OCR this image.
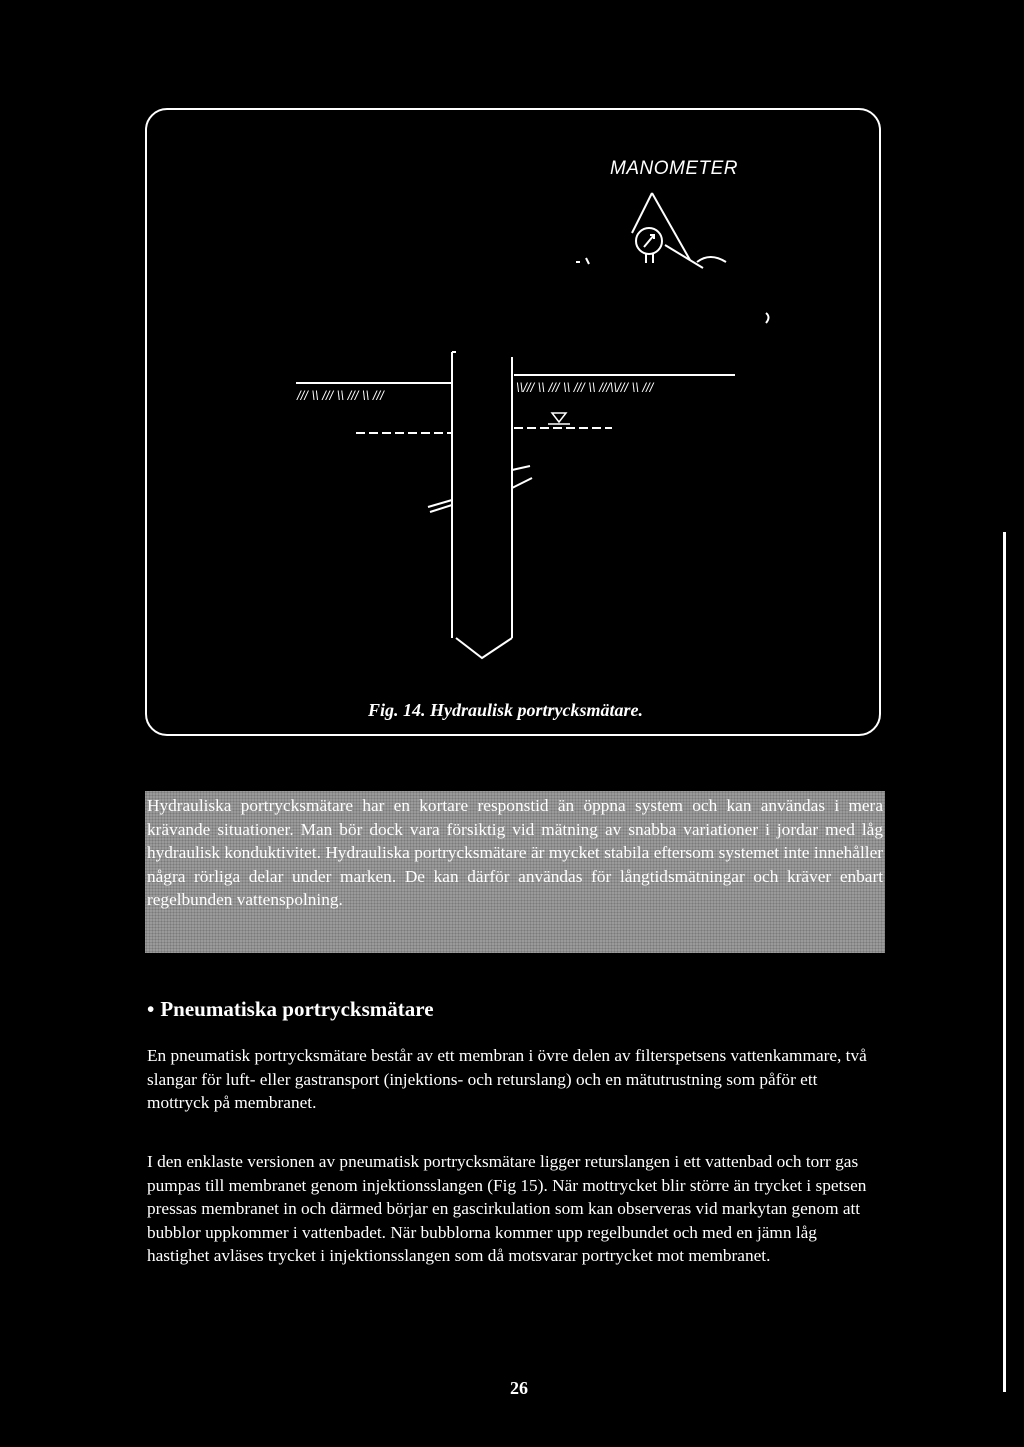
/// \\ /// \\ /// \\ ///
\\/// \\ /// \\ /// \\ ///\\/// \\ ///
MANOMETER
Fig. 14. Hydraulisk portrycksmätare.

Hydrauliska portrycksmätare har en kortare responstid än öppna system och kan användas i mera krävande situationer. Man bör dock vara försiktig vid mätning av snabba variationer i jordar med låg hydraulisk konduktivitet. Hydrauliska portrycksmätare är mycket stabila eftersom systemet inte innehåller några rörliga delar under marken. De kan därför användas för långtidsmätningar och kräver enbart regelbunden vattenspolning.

• Pneumatiska portrycksmätare

En pneumatisk portrycksmätare består av ett membran i övre delen av filterspetsens vattenkammare, två slangar för luft- eller gastransport (injektions- och returslang) och en mätutrustning som påför ett mottryck på membranet.

I den enklaste versionen av pneumatisk portrycksmätare ligger returslangen i ett vattenbad och torr gas pumpas till membranet genom injektionsslangen (Fig 15). När mottrycket blir större än trycket i spetsen pressas membranet in och därmed börjar en gascirkulation som kan observeras vid markytan genom att bubblor uppkommer i vattenbadet. När bubblorna kommer upp regelbundet och med en jämn låg hastighet avläses trycket i injektionsslangen som då motsvarar portrycket mot membranet.

26
